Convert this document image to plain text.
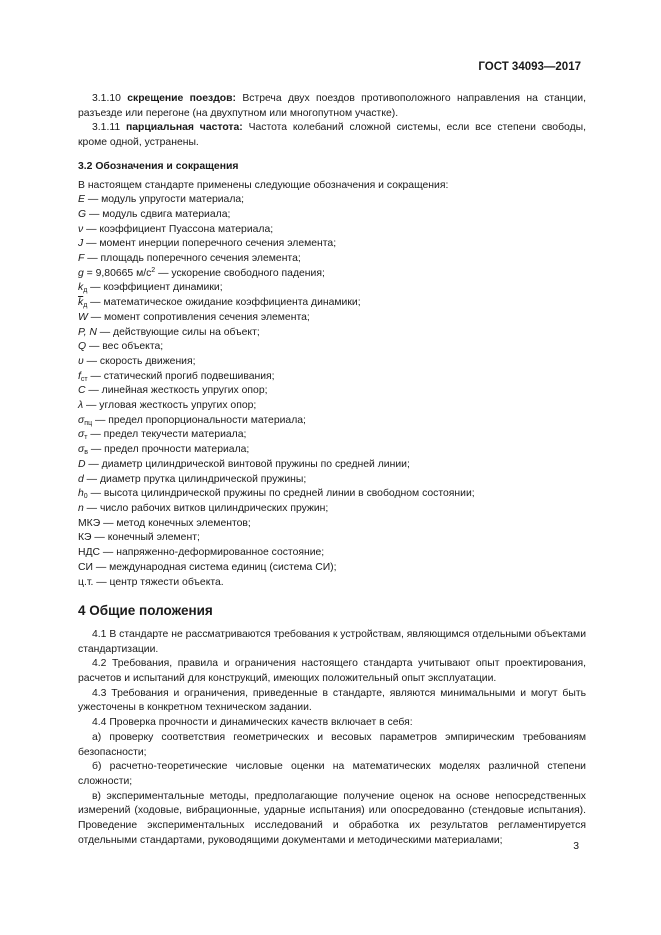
ГОСТ 34093—2017

3.1.10 скрещение поездов: Встреча двух поездов противоположного направления на станции, разъезде или перегоне (на двухпутном или многопутном участке).

3.1.11 парциальная частота: Частота колебаний сложной системы, если все степени свободы, кроме одной, устранены.

3.2 Обозначения и сокращения
В настоящем стандарте применены следующие обозначения и сокращения:

E — модуль упругости материала;

G — модуль сдвига материала;

ν — коэффициент Пуассона материала;

J — момент инерции поперечного сечения элемента;

F — площадь поперечного сечения элемента;

g = 9,80665 $м/с^2$ — ускорение свободного падения;

$k_д$ — коэффициент динамики;

$\overline{k}_д$ — математическое ожидание коэффициента динамики;

W — момент сопротивления сечения элемента;

P, N — действующие силы на объект;

Q — вес объекта;

υ — скорость движения;

$f_{ст}$ — статический прогиб подвешивания;

C — линейная жесткость упругих опор;

λ — угловая жесткость упругих опор;

$\sigma_{пц}$ — предел пропорциональности материала;

$\sigma_т$ — предел текучести материала;

$\sigma_в$ — предел прочности материала;

D — диаметр цилиндрической винтовой пружины по средней линии;

d — диаметр прутка цилиндрической пружины;

$h_0$ — высота цилиндрической пружины по средней линии в свободном состоянии;

n — число рабочих витков цилиндрических пружин;

МКЭ — метод конечных элементов;

КЭ — конечный элемент;

НДС — напряженно-деформированное состояние;

СИ — международная система единиц (система СИ);

ц.т. — центр тяжести объекта.

4 Общие положения

4.1 В стандарте не рассматриваются требования к устройствам, являющимся отдельными объектами стандартизации.

4.2 Требования, правила и ограничения настоящего стандарта учитывают опыт проектирования, расчетов и испытаний для конструкций, имеющих положительный опыт эксплуатации.

4.3 Требования и ограничения, приведенные в стандарте, являются минимальными и могут быть ужесточены в конкретном техническом задании.

4.4 Проверка прочности и динамических качеств включает в себя:

а) проверку соответствия геометрических и весовых параметров эмпирическим требованиям безопасности;

б) расчетно-теоретические числовые оценки на математических моделях различной степени сложности;

в) экспериментальные методы, предполагающие получение оценок на основе непосредственных измерений (ходовые, вибрационные, ударные испытания) или опосредованно (стендовые испытания). Проведение экспериментальных исследований и обработка их результатов регламентируется отдельными стандартами, руководящими документами и методическими материалами;

3
